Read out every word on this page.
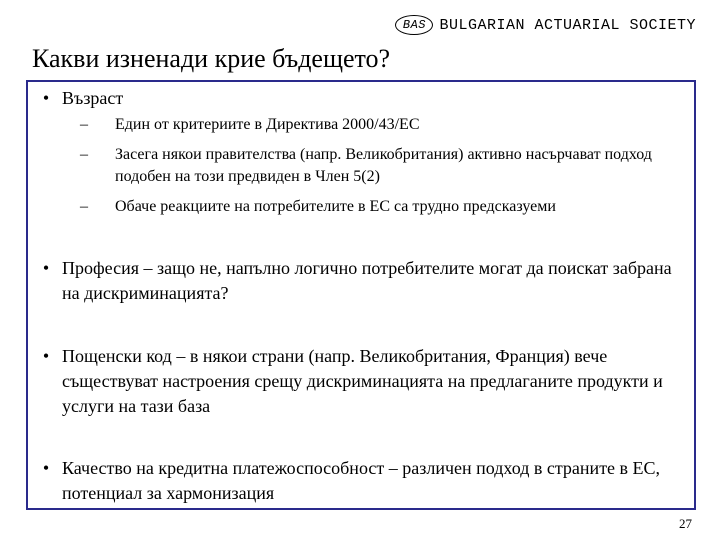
BAS BULGARIAN ACTUARIAL SOCIETY
Какви изненади крие бъдещето?
• Възраст
–	Един от критериите в Директива 2000/43/ЕС
–	Засега някои правителства (напр. Великобритания) активно насърчават подход подобен на този предвиден в Член 5(2)
–	Обаче реакциите на потребителите в ЕС са трудно предсказуеми
• Професия – защо не, напълно логично потребителите могат да поискат забрана на дискриминацията?
• Пощенски код – в някои страни (напр. Великобритания, Франция) вече съществуват настроения срещу дискриминацията на предлаганите продукти и услуги на тази база
• Качество на кредитна платежоспособност – различен подход в страните в ЕС, потенциал за хармонизация
27
